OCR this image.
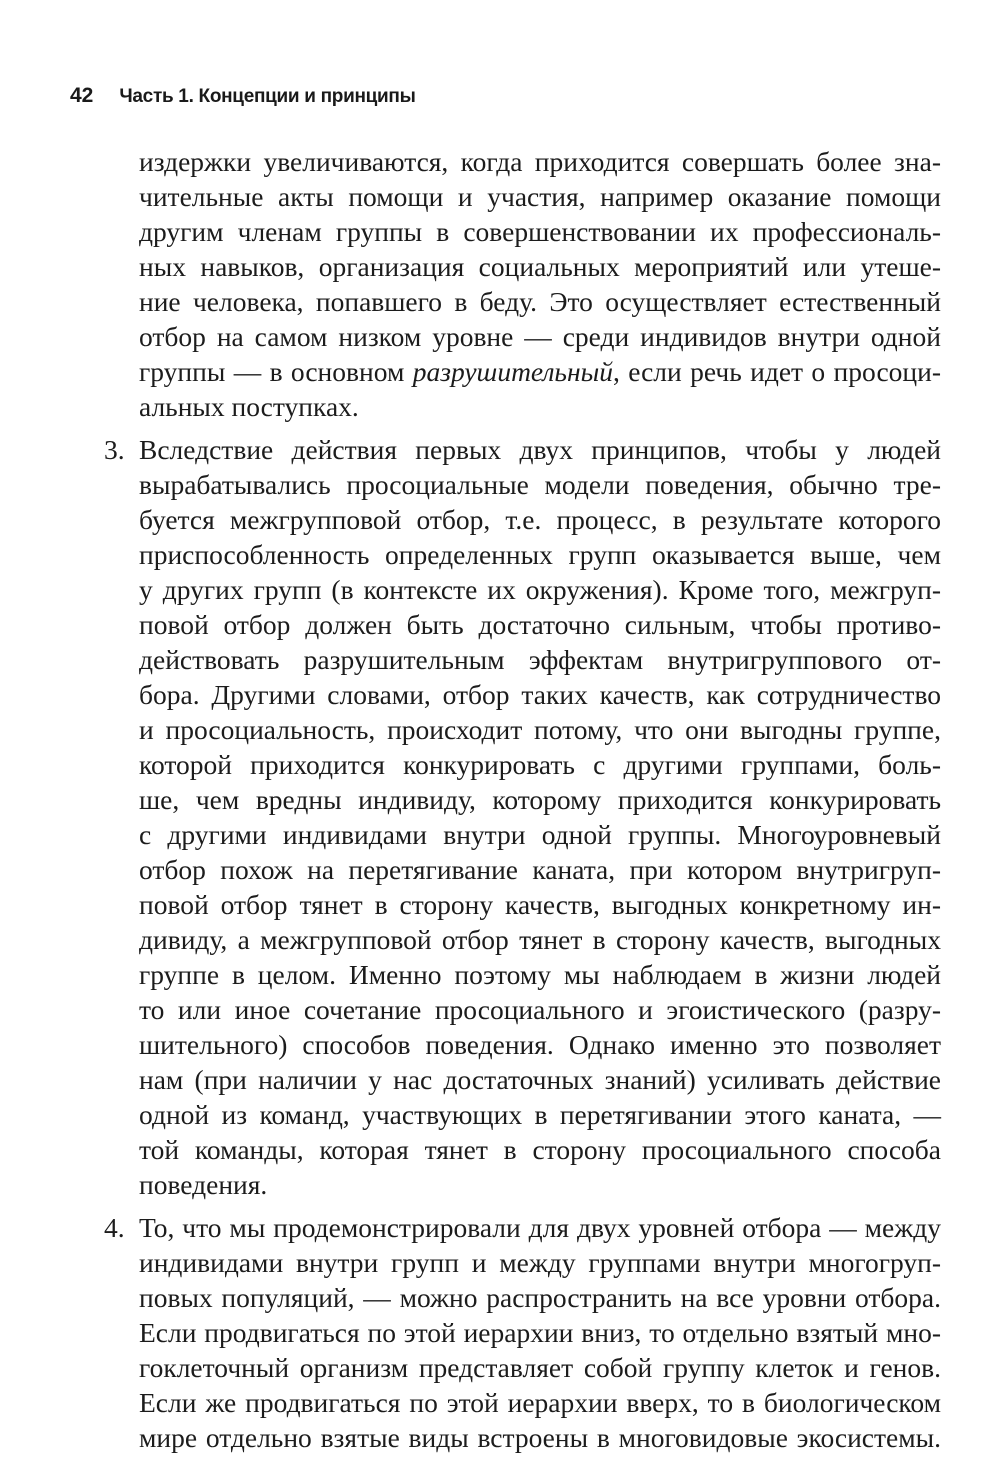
42 Часть 1. Концепции и принципы
издержки увеличиваются, когда приходится совершать более зна-
чительные акты помощи и участия, например оказание помощи
другим членам группы в совершенствовании их профессиональ-
ных навыков, организация социальных мероприятий или утеше-
ние человека, попавшего в беду. Это осуществляет естественный
отбор на самом низком уровне — среди индивидов внутри одной
группы — в основном разрушительный, если речь идет о просоци-
альных поступках.
3. Вследствие действия первых двух принципов, чтобы у людей
вырабатывались просоциальные модели поведения, обычно тре-
буется межгрупповой отбор, т.е. процесс, в результате которого
приспособленность определенных групп оказывается выше, чем
у других групп (в контексте их окружения). Кроме того, межгруп-
повой отбор должен быть достаточно сильным, чтобы противо-
действовать разрушительным эффектам внутригруппового от-
бора. Другими словами, отбор таких качеств, как сотрудничество
и просоциальность, происходит потому, что они выгодны группе,
которой приходится конкурировать с другими группами, боль-
ше, чем вредны индивиду, которому приходится конкурировать
с другими индивидами внутри одной группы. Многоуровневый
отбор похож на перетягивание каната, при котором внутригруп-
повой отбор тянет в сторону качеств, выгодных конкретному ин-
дивиду, а межгрупповой отбор тянет в сторону качеств, выгодных
группе в целом. Именно поэтому мы наблюдаем в жизни людей
то или иное сочетание просоциального и эгоистического (разру-
шительного) способов поведения. Однако именно это позволяет
нам (при наличии у нас достаточных знаний) усиливать действие
одной из команд, участвующих в перетягивании этого каната, —
той команды, которая тянет в сторону просоциального способа
поведения.
4. То, что мы продемонстрировали для двух уровней отбора — между
индивидами внутри групп и между группами внутри многогруп-
повых популяций, — можно распространить на все уровни отбора.
Если продвигаться по этой иерархии вниз, то отдельно взятый мно-
гоклеточный организм представляет собой группу клеток и генов.
Если же продвигаться по этой иерархии вверх, то в биологическом
мире отдельно взятые виды встроены в многовидовые экосистемы.
